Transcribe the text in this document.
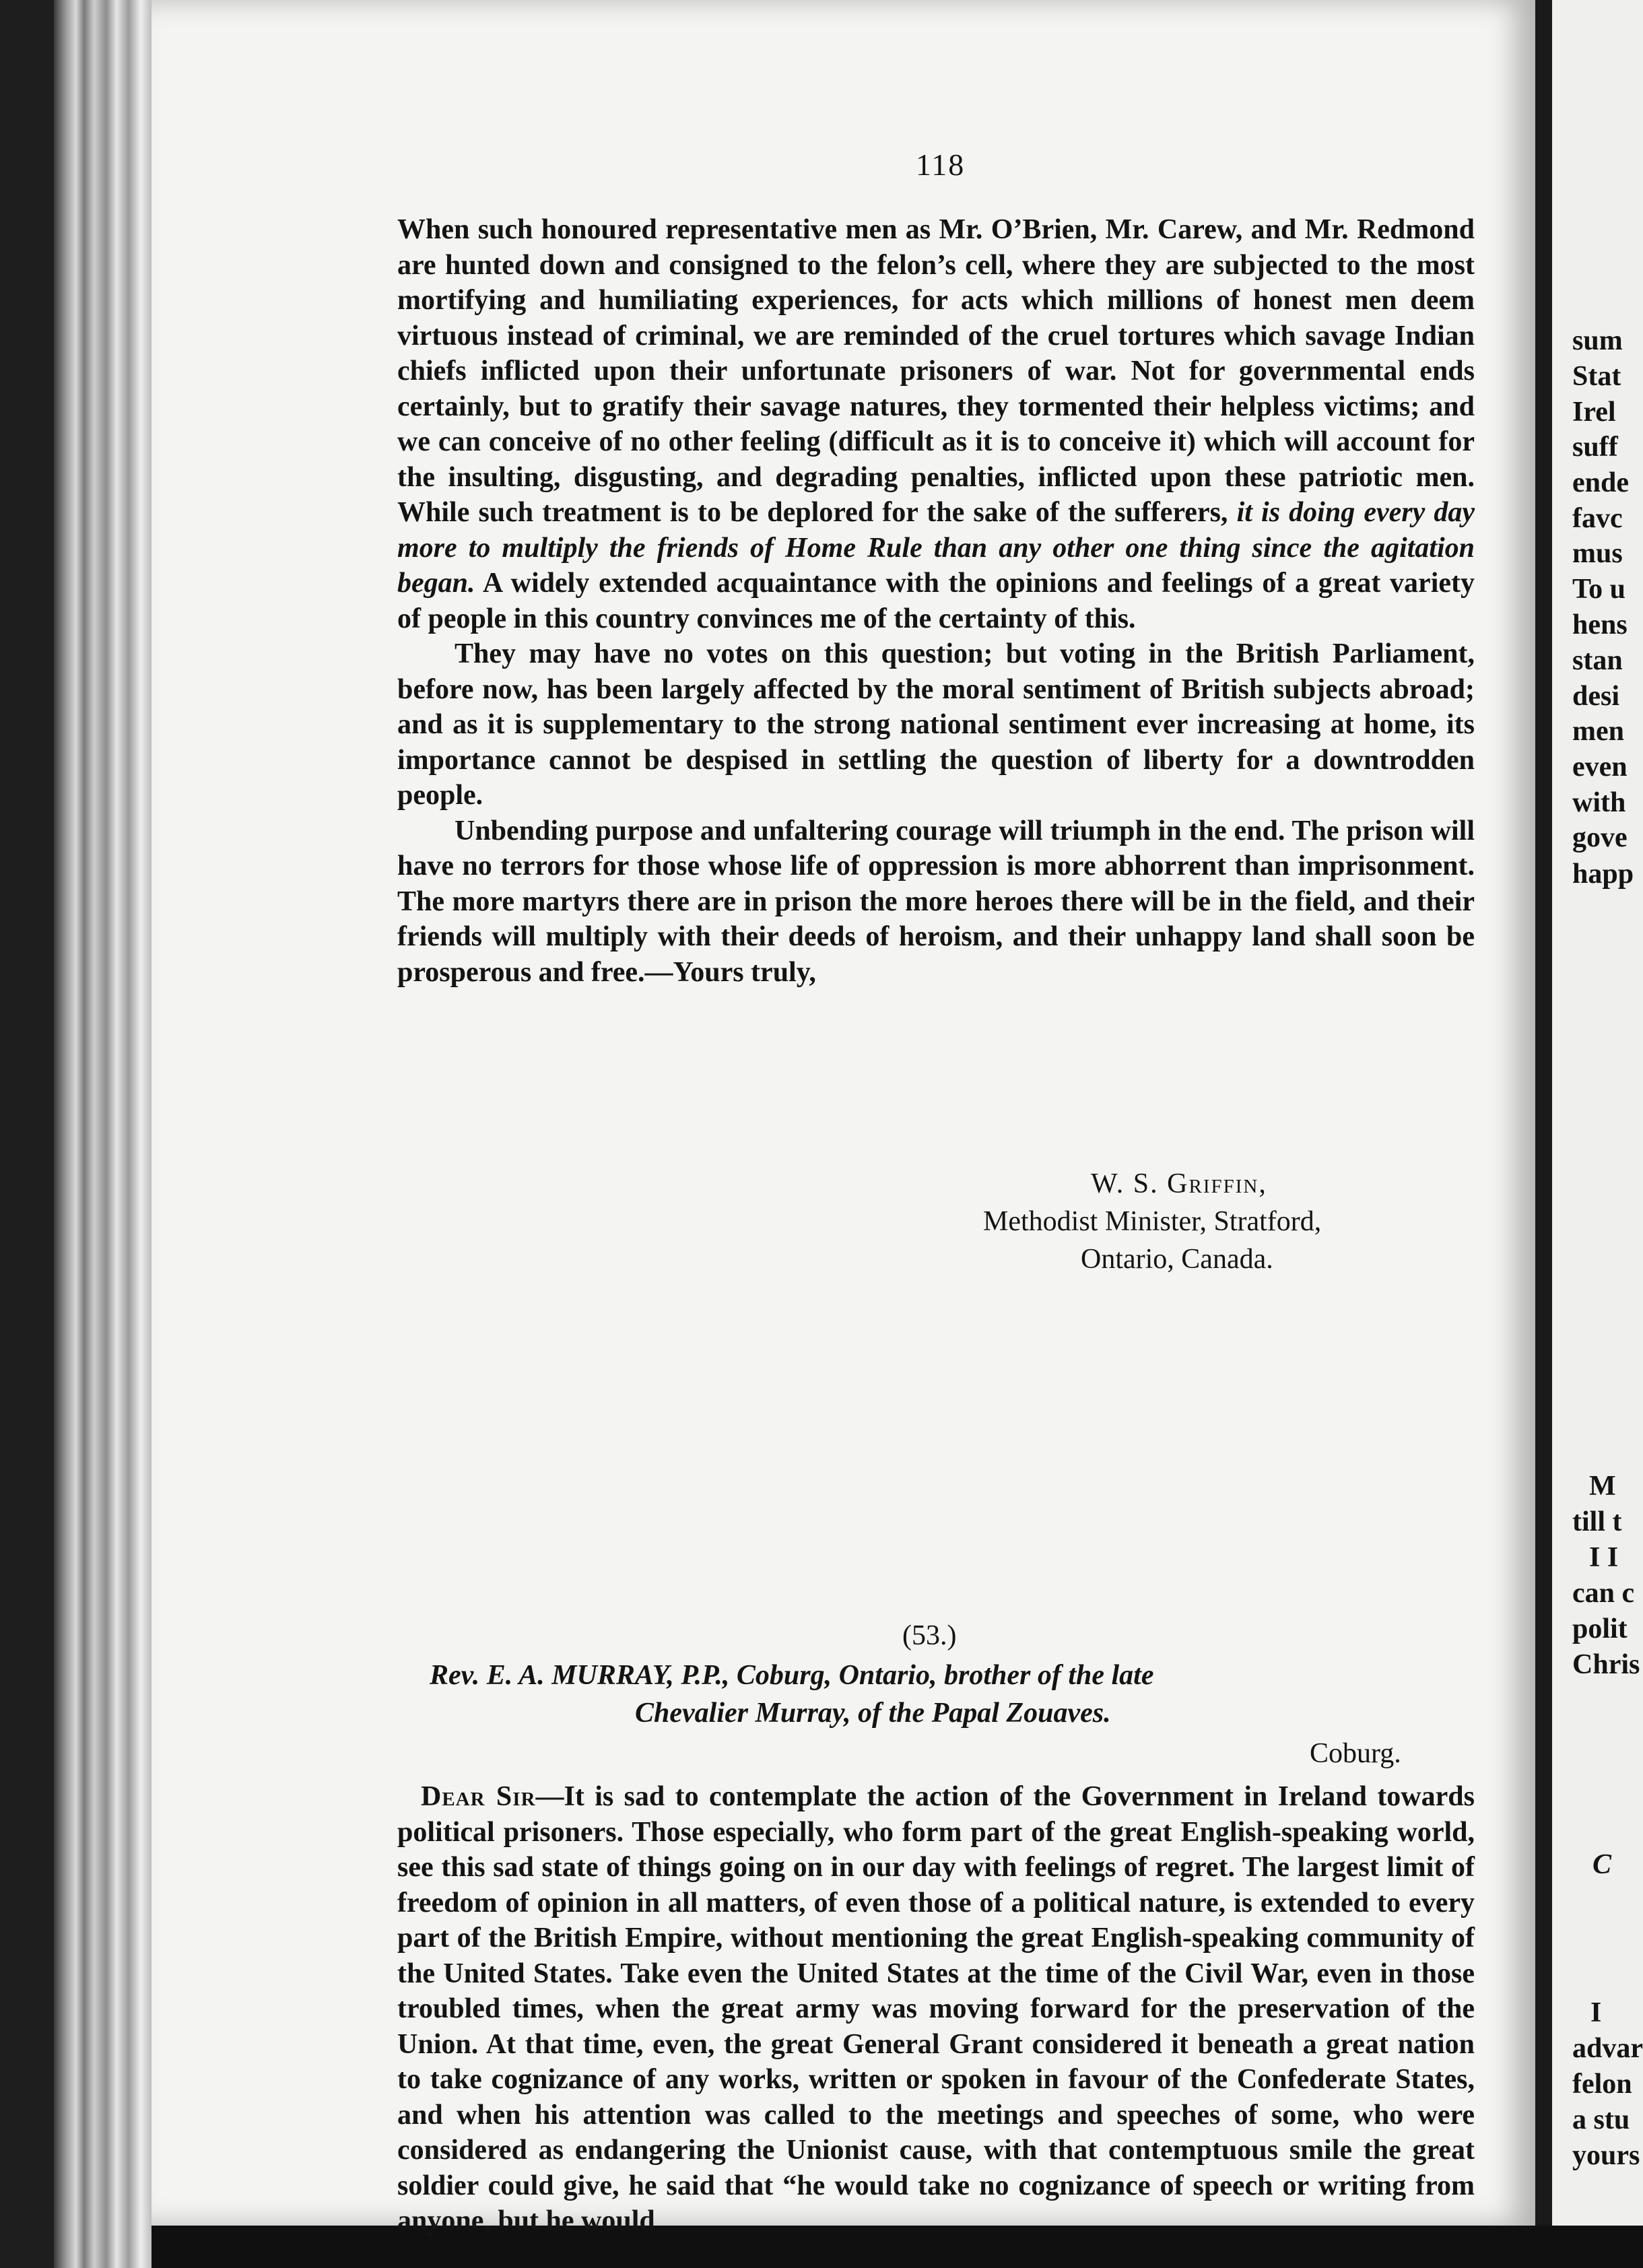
118

When such honoured representative men as Mr. O’Brien, Mr. Carew, and Mr. Redmond are hunted down and consigned to the felon’s cell, where they are subjected to the most mortifying and humiliating experiences, for acts which millions of honest men deem virtuous instead of criminal, we are reminded of the cruel tortures which savage Indian chiefs inflicted upon their unfortunate prisoners of war. Not for governmental ends certainly, but to gratify their savage natures, they tormented their helpless victims; and we can conceive of no other feeling (difficult as it is to conceive it) which will account for the insulting, disgusting, and degrading penalties, inflicted upon these patriotic men. While such treatment is to be deplored for the sake of the sufferers, it is doing every day more to multiply the friends of Home Rule than any other one thing since the agitation began. A widely extended acquaintance with the opinions and feelings of a great variety of people in this country convinces me of the certainty of this.

They may have no votes on this question; but voting in the British Parliament, before now, has been largely affected by the moral sentiment of British subjects abroad; and as it is supplementary to the strong national sentiment ever increasing at home, its importance cannot be despised in settling the question of liberty for a downtrodden people.

Unbending purpose and unfaltering courage will triumph in the end. The prison will have no terrors for those whose life of oppression is more abhorrent than imprisonment. The more martyrs there are in prison the more heroes there will be in the field, and their friends will multiply with their deeds of heroism, and their unhappy land shall soon be prosperous and free.—Yours truly,

W. S. Griffin,
Methodist Minister, Stratford,
Ontario, Canada.
(53.)
Rev. E. A. MURRAY, P.P., Coburg, Ontario, brother of the late
Chevalier Murray, of the Papal Zouaves.
Coburg.

Dear Sir—It is sad to contemplate the action of the Government in Ireland towards political prisoners. Those especially, who form part of the great English-speaking world, see this sad state of things going on in our day with feelings of regret. The largest limit of freedom of opinion in all matters, of even those of a political nature, is extended to every part of the British Empire, without mentioning the great English-speaking community of the United States. Take even the United States at the time of the Civil War, even in those troubled times, when the great army was moving forward for the preservation of the Union. At that time, even, the great General Grant considered it beneath a great nation to take cognizance of any works, written or spoken in favour of the Confederate States, and when his attention was called to the meetings and speeches of some, who were considered as endangering the Unionist cause, with that contemptuous smile the great soldier could give, he said that “he would take no cognizance of speech or writing from anyone, but he would

sum
Stat
Irel
suff
ende
favc
mus
To u
hens
stan
desi
men
even
with
gove
happ
M
till t
I I
can c
polit
Chris
C
I
advar
felon
a stu
yours
